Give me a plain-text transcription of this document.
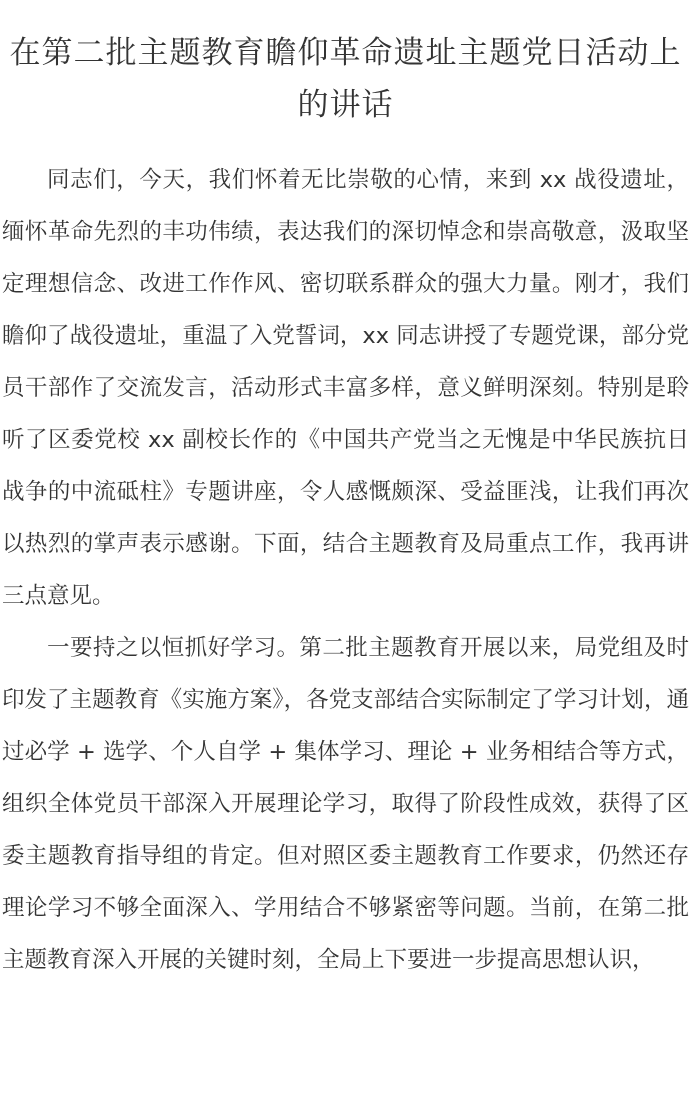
在第二批主题教育瞻仰革命遗址主题党日活动上的讲话

同志们，今天，我们怀着无比崇敬的心情，来到 xx 战役遗址，缅怀革命先烈的丰功伟绩，表达我们的深切悼念和崇高敬意，汲取坚定理想信念、改进工作作风、密切联系群众的强大力量。刚才，我们瞻仰了战役遗址，重温了入党誓词，xx 同志讲授了专题党课，部分党员干部作了交流发言，活动形式丰富多样，意义鲜明深刻。特别是聆听了区委党校 xx 副校长作的《中国共产党当之无愧是中华民族抗日战争的中流砥柱》专题讲座，令人感慨颇深、受益匪浅，让我们再次以热烈的掌声表示感谢。下面，结合主题教育及局重点工作，我再讲三点意见。

一要持之以恒抓好学习。第二批主题教育开展以来，局党组及时印发了主题教育《实施方案》，各党支部结合实际制定了学习计划，通过必学 + 选学、个人自学 + 集体学习、理论 + 业务相结合等方式，组织全体党员干部深入开展理论学习，取得了阶段性成效，获得了区委主题教育指导组的肯定。但对照区委主题教育工作要求，仍然还存理论学习不够全面深入、学用结合不够紧密等问题。当前，在第二批主题教育深入开展的关键时刻，全局上下要进一步提高思想认识，
